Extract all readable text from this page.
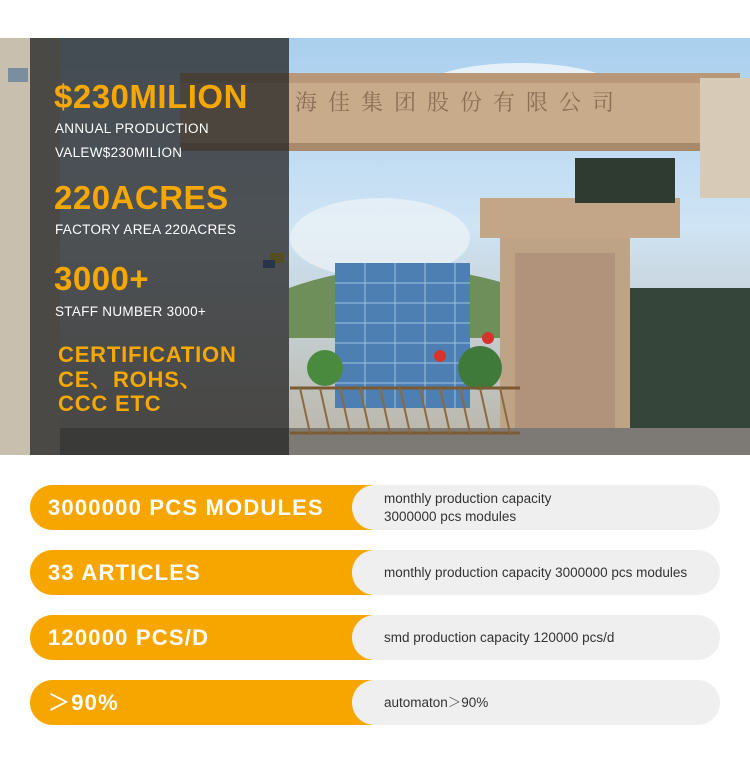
海佳集团股份有限公司
$230MILION
ANNUAL PRODUCTION
VALEW$230MILION
220ACRES
FACTORY AREA 220ACRES
3000+
STAFF NUMBER 3000+
CERTIFICATION
CE、ROHS、
CCC ETC
3000000 PCS MODULES	monthly production capacity
3000000 pcs modules
33 ARTICLES	monthly production capacity 3000000 pcs modules
120000 PCS/D	smd production capacity 120000 pcs/d
＞90%	automaton＞90%
